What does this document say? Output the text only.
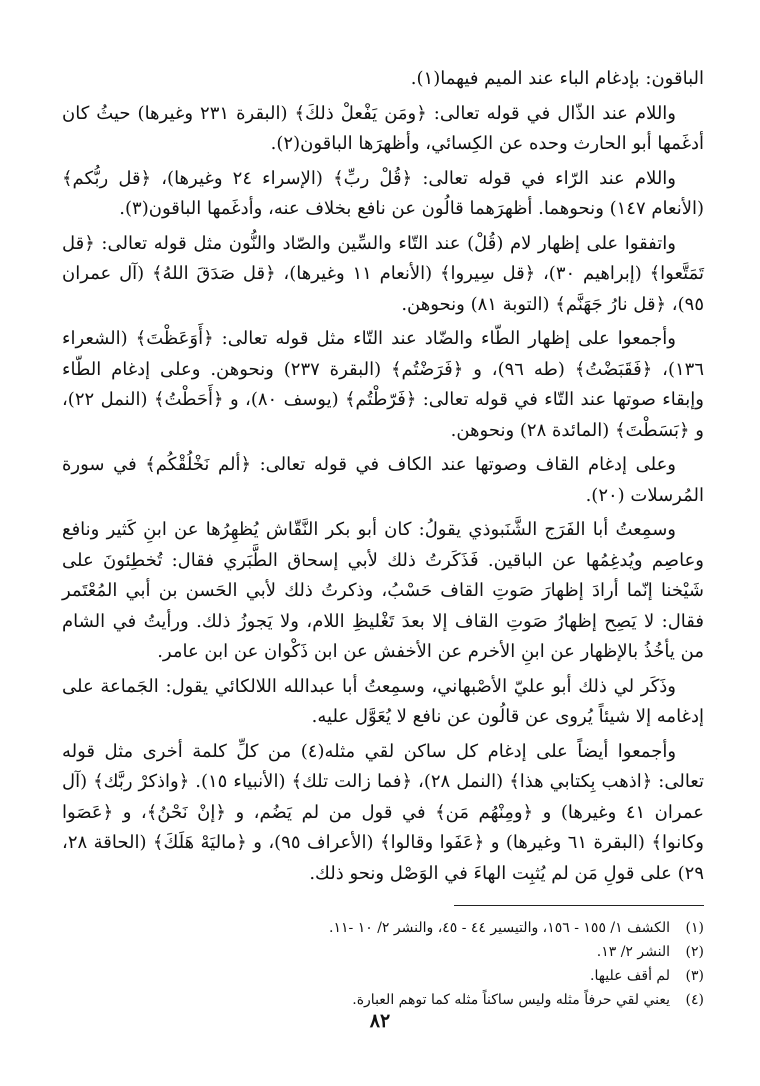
الباقون: بإدغام الباء عند الميم فيهما(١).

واللام عند الذّال في قوله تعالى: ﴿ومَن يَفْعلْ ذلكَ﴾ (البقرة ٢٣١ وغيرها) حيثُ كان أدغَمها أبو الحارث وحده عن الكِسائي، وأظهرَها الباقون(٢).

واللام عند الرّاء في قوله تعالى: ﴿قُلْ ربِّ﴾ (الإسراء ٢٤ وغيرها)، ﴿قل ربُّكم﴾ (الأنعام ١٤٧) ونحوهما. أظهرَهما قالُون عن نافع بخلاف عنه، وأدغَمها الباقون(٣).

واتفقوا على إظهار لام (قُلْ) عند التّاء والسِّين والصّاد والنُّون مثل قوله تعالى: ﴿قل تَمَتَّعوا﴾ (إبراهيم ٣٠)، ﴿قل سِيروا﴾ (الأنعام ١١ وغيرها)، ﴿قل صَدَقَ اللهُ﴾ (آل عمران ٩٥)، ﴿قل نارُ جَهَنَّم﴾ (التوبة ٨١) ونحوهن.

وأجمعوا على إظهار الطّاء والضّاد عند التّاء مثل قوله تعالى: ﴿أَوَعَظْتَ﴾ (الشعراء ١٣٦)، ﴿فَقَبَضْتُ﴾ (طه ٩٦)، و ﴿فَرَضْتُم﴾ (البقرة ٢٣٧) ونحوهن. وعلى إدغام الطّاء وإبقاء صوتها عند التّاء في قوله تعالى: ﴿فَرّطْتُم﴾ (يوسف ٨٠)، و ﴿أَحَطْتُ﴾ (النمل ٢٢)، و ﴿بَسَطْتَ﴾ (المائدة ٢٨) ونحوهن.

وعلى إدغام القاف وصوتها عند الكاف في قوله تعالى: ﴿ألم نَخْلُقْكُم﴾ في سورة المُرسلات (٢٠).

وسمِعتُ أبا الفَرَج الشَّنَبوذي يقولُ: كان أبو بكر النَّقّاش يُظهِرُها عن ابنِ كَثير ونافع وعاصِم ويُدغِمُها عن الباقين. فَذَكَرتُ ذلك لأبي إسحاق الطَّبَري فقال: تُخطِئونَ على شَيْخنا إنّما أرادَ إظهارَ صَوتِ القاف حَسْبُ، وذكرتُ ذلك لأبي الحَسن بن أبي المُعْتَمر فقال: لا يَصِح إظهارُ صَوتِ القاف إلا بعدَ تَغْليظِ اللام، ولا يَجوزُ ذلك. ورأيتُ في الشام من يأخُذُ بالإظهار عن ابنِ الأخرم عن الأخفش عن ابن ذَكْوان عن ابن عامر.

وذَكَر لي ذلك أبو عليّ الأصْبهاني، وسمِعتُ أبا عبدالله اللالكائي يقول: الجَماعة على إدغامه إلا شيئاً يُروى عن قالُون عن نافع لا يُعَوَّل عليه.

وأجمعوا أيضاً على إدغام كل ساكن لقي مثله(٤) من كلِّ كلمة أخرى مثل قوله تعالى: ﴿اذهب بِكتابي هذا﴾ (النمل ٢٨)، ﴿فما زالت تلك﴾ (الأنبياء ١٥). ﴿واذكرْ ربَّك﴾ (آل عمران ٤١ وغيرها) و ﴿ومِنْهُم مَن﴾ في قول من لم يَضُم، و ﴿إنْ نَحْنُ﴾، و ﴿عَصَوا وكانوا﴾ (البقرة ٦١ وغيرها) و ﴿عَفَوا وقالوا﴾ (الأعراف ٩٥)، و ﴿ماليَهْ هَلَكَ﴾ (الحاقة ٢٨، ٢٩) على قولِ مَن لم يُثبِت الهاءَ في الوَصْل ونحو ذلك.

(١)
الكشف ١/ ١٥٥ - ١٥٦، والتيسير ٤٤ - ٤٥، والنشر ٢/ ١٠ -١١.
(٢)
النشر ٢/ ١٣.
(٣)
لم أقف عليها.
(٤)
يعني لقي حرفاً مثله وليس ساكناً مثله كما توهم العبارة.
٨٢
